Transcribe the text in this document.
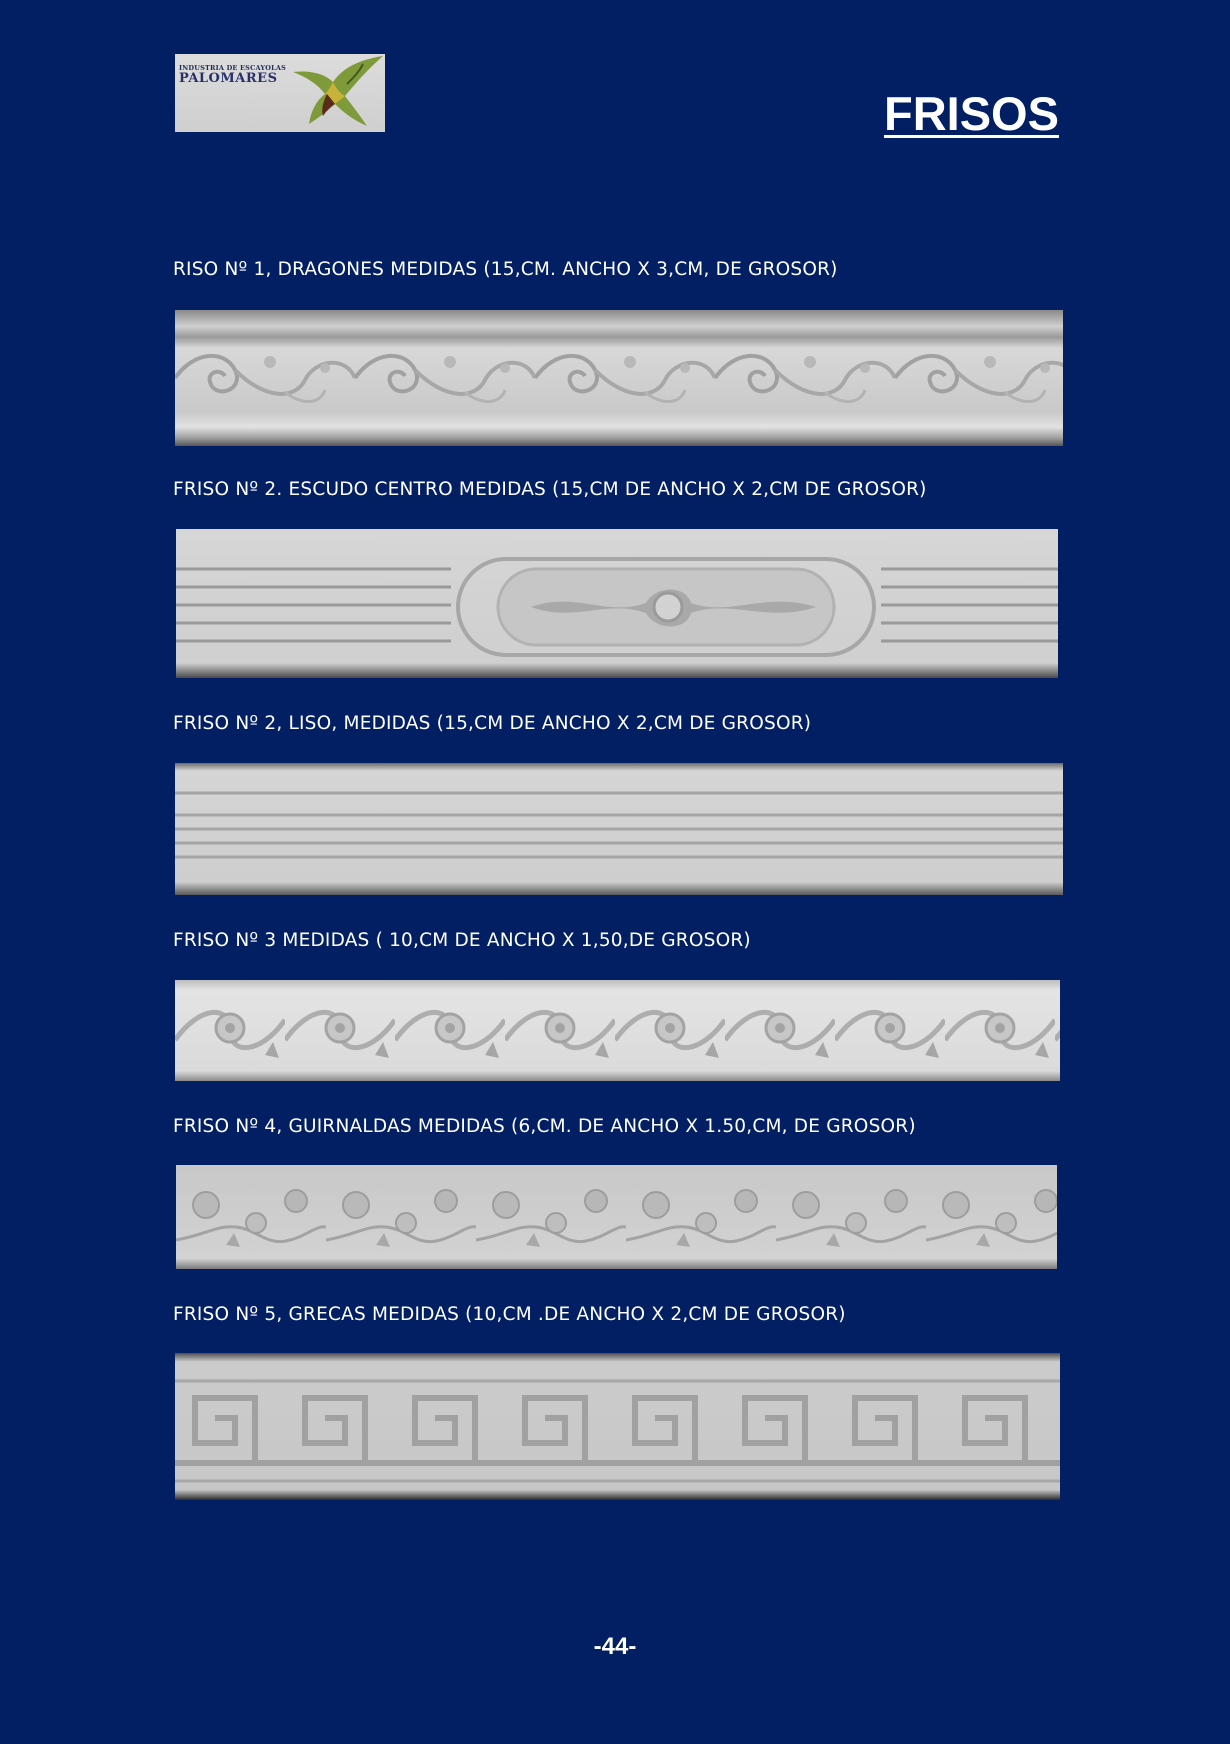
INDUSTRIA DE ESCAYOLAS
PALOMARES
FRISOS
RISO Nº 1, DRAGONES MEDIDAS (15,CM. ANCHO X 3,CM, DE GROSOR)
FRISO Nº 2. ESCUDO CENTRO MEDIDAS (15,CM DE ANCHO X 2,CM DE GROSOR)
FRISO Nº 2, LISO, MEDIDAS (15,CM DE ANCHO X 2,CM DE GROSOR)
FRISO Nº 3 MEDIDAS ( 10,CM DE ANCHO X 1,50,DE GROSOR)
FRISO Nº 4, GUIRNALDAS MEDIDAS (6,CM. DE ANCHO X 1.50,CM, DE GROSOR)
FRISO Nº 5, GRECAS MEDIDAS (10,CM .DE ANCHO X 2,CM DE GROSOR)
-44-
